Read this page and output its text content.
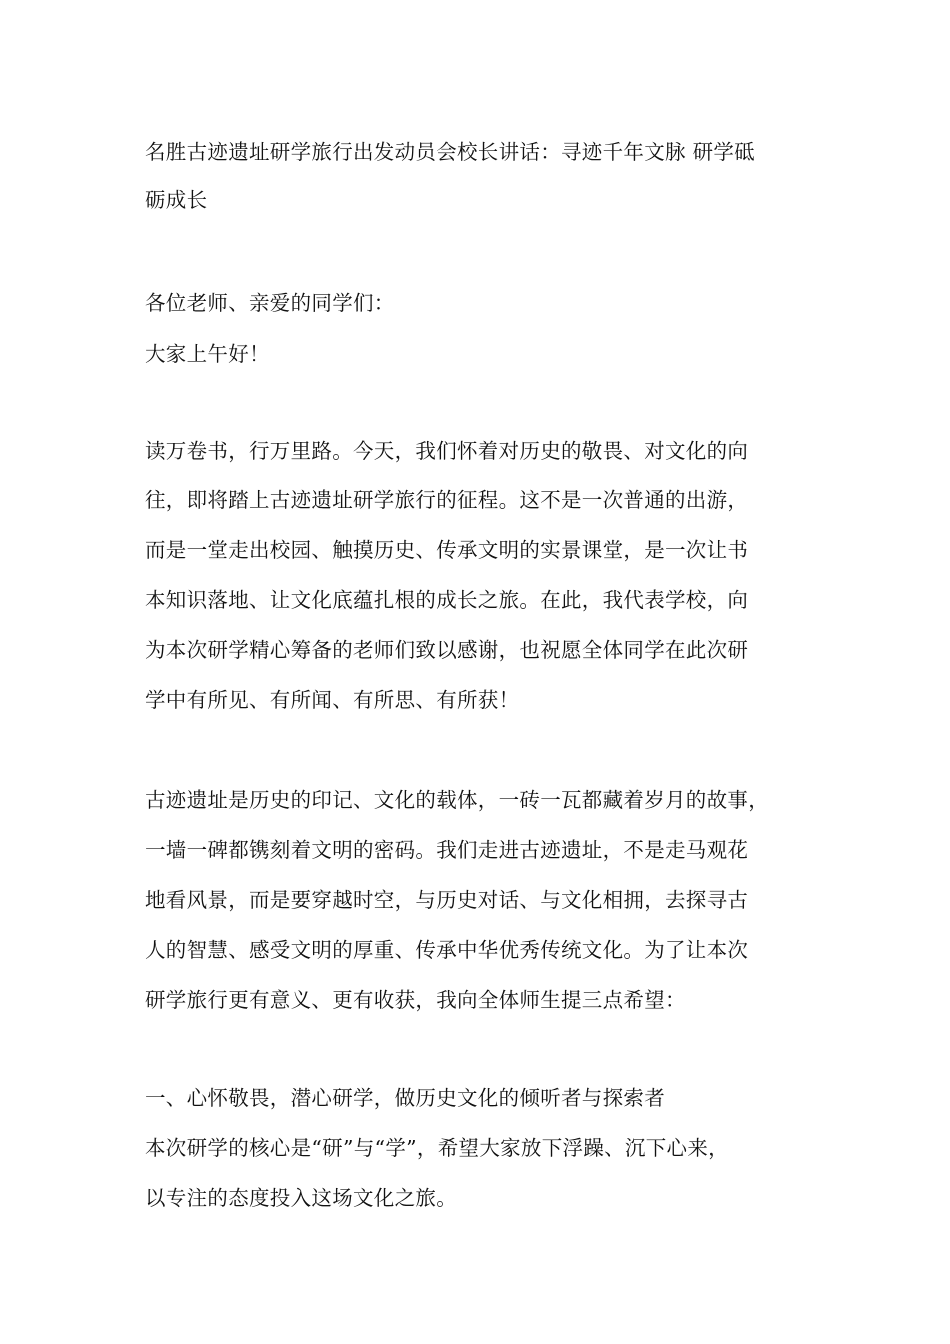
名胜古迹遗址研学旅行出发动员会校长讲话：寻迹千年文脉 研学砥
砺成长
各位老师、亲爱的同学们：
大家上午好！
读万卷书，行万里路。今天，我们怀着对历史的敬畏、对文化的向
往，即将踏上古迹遗址研学旅行的征程。这不是一次普通的出游，
而是一堂走出校园、触摸历史、传承文明的实景课堂，是一次让书
本知识落地、让文化底蕴扎根的成长之旅。在此，我代表学校，向
为本次研学精心筹备的老师们致以感谢，也祝愿全体同学在此次研
学中有所见、有所闻、有所思、有所获！
古迹遗址是历史的印记、文化的载体，一砖一瓦都藏着岁月的故事，
一墙一碑都镌刻着文明的密码。我们走进古迹遗址，不是走马观花
地看风景，而是要穿越时空，与历史对话、与文化相拥，去探寻古
人的智慧、感受文明的厚重、传承中华优秀传统文化。为了让本次
研学旅行更有意义、更有收获，我向全体师生提三点希望：
一、心怀敬畏，潜心研学，做历史文化的倾听者与探索者
本次研学的核心是“研”与“学”，希望大家放下浮躁、沉下心来，
以专注的态度投入这场文化之旅。
